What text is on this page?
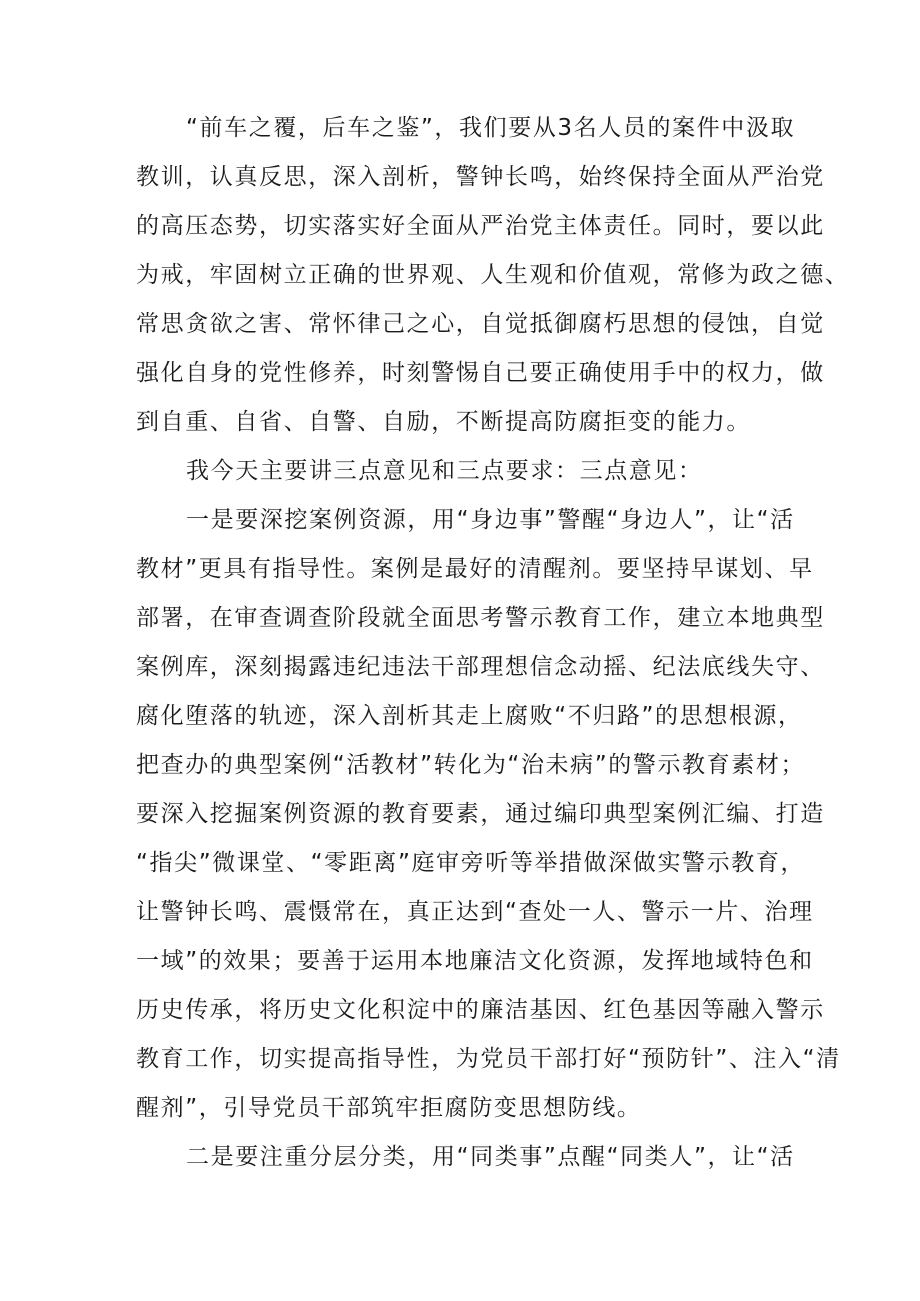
“前车之覆，后车之鉴”，我们要从3名人员的案件中汲取
教训，认真反思，深入剖析，警钟长鸣，始终保持全面从严治党
的高压态势，切实落实好全面从严治党主体责任。同时，要以此
为戒，牢固树立正确的世界观、人生观和价值观，常修为政之德、
常思贪欲之害、常怀律己之心，自觉抵御腐朽思想的侵蚀，自觉
强化自身的党性修养，时刻警惕自己要正确使用手中的权力，做
到自重、自省、自警、自励，不断提高防腐拒变的能力。
我今天主要讲三点意见和三点要求：三点意见：
一是要深挖案例资源，用“身边事”警醒“身边人”，让“活
教材”更具有指导性。案例是最好的清醒剂。要坚持早谋划、早
部署，在审查调查阶段就全面思考警示教育工作，建立本地典型
案例库，深刻揭露违纪违法干部理想信念动摇、纪法底线失守、
腐化堕落的轨迹，深入剖析其走上腐败“不归路”的思想根源，
把查办的典型案例“活教材”转化为“治未病”的警示教育素材；
要深入挖掘案例资源的教育要素，通过编印典型案例汇编、打造
“指尖”微课堂、“零距离”庭审旁听等举措做深做实警示教育，
让警钟长鸣、震慑常在，真正达到“查处一人、警示一片、治理
一域”的效果；要善于运用本地廉洁文化资源，发挥地域特色和
历史传承，将历史文化积淀中的廉洁基因、红色基因等融入警示
教育工作，切实提高指导性，为党员干部打好“预防针”、注入“清
醒剂”，引导党员干部筑牢拒腐防变思想防线。
二是要注重分层分类，用“同类事”点醒“同类人”，让“活
